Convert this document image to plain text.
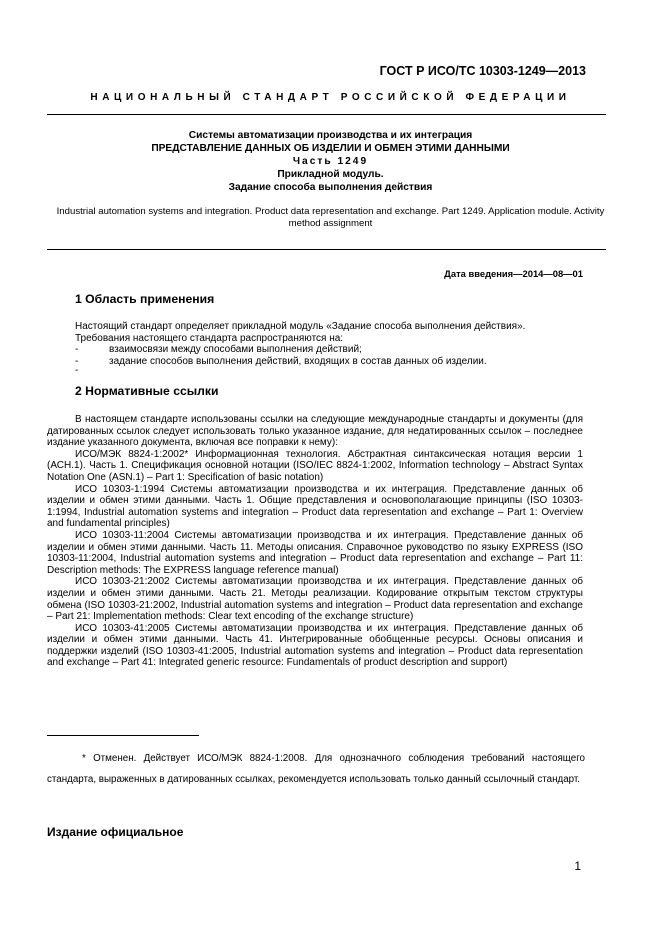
ГОСТ Р ИСО/ТС 10303-1249—2013
НАЦИОНАЛЬНЫЙ СТАНДАРТ РОССИЙСКОЙ ФЕДЕРАЦИИ
Системы автоматизации производства и их интеграция
ПРЕДСТАВЛЕНИЕ ДАННЫХ ОБ ИЗДЕЛИИ И ОБМЕН ЭТИМИ ДАННЫМИ
Часть 1249
Прикладной модуль.
Задание способа выполнения действия
Industrial automation systems and integration. Product data representation and exchange. Part 1249. Application module. Activity method assignment
Дата введения—2014—08—01
1 Область применения
Настоящий стандарт определяет прикладной модуль «Задание способа выполнения действия».
Требования настоящего стандарта распространяются на:
-	взаимосвязи между способами выполнения действий;
-	задание способов выполнения действий, входящих в состав данных об изделии.
-
2 Нормативные ссылки
В настоящем стандарте использованы ссылки на следующие международные стандарты и документы (для датированных ссылок следует использовать только указанное издание, для недатированных ссылок – последнее издание указанного документа, включая все поправки к нему):
ИСО/МЭК 8824-1:2002* Информационная технология. Абстрактная синтаксическая нотация версии 1 (АСН.1). Часть 1. Спецификация основной нотации (ISO/IEC 8824-1:2002, Information technology – Abstract Syntax Notation One (ASN.1) – Part 1: Specification of basic notation)
ИСО 10303-1:1994 Системы автоматизации производства и их интеграция. Представление данных об изделии и обмен этими данными. Часть 1. Общие представления и основополагающие принципы (ISO 10303-1:1994, Industrial automation systems and integration – Product data representation and exchange – Part 1: Overview and fundamental principles)
ИСО 10303-11:2004 Системы автоматизации производства и их интеграция. Представление данных об изделии и обмен этими данными. Часть 11. Методы описания. Справочное руководство по языку EXPRESS (ISO 10303-11:2004, Industrial automation systems and integration – Product data representation and exchange – Part 11: Description methods: The EXPRESS language reference manual)
ИСО 10303-21:2002 Системы автоматизации производства и их интеграция. Представление данных об изделии и обмен этими данными. Часть 21. Методы реализации. Кодирование открытым текстом структуры обмена (ISO 10303-21:2002, Industrial automation systems and integration – Product data representation and exchange – Part 21: Implementation methods: Clear text encoding of the exchange structure)
ИСО 10303-41:2005 Системы автоматизации производства и их интеграция. Представление данных об изделии и обмен этими данными. Часть 41. Интегрированные обобщенные ресурсы. Основы описания и поддержки изделий (ISO 10303-41:2005, Industrial automation systems and integration – Product data representation and exchange – Part 41: Integrated generic resource: Fundamentals of product description and support)
* Отменен. Действует ИСО/МЭК 8824-1:2008. Для однозначного соблюдения требований настоящего стандарта, выраженных в датированных ссылках, рекомендуется использовать только данный ссылочный стандарт.
Издание официальное
1
